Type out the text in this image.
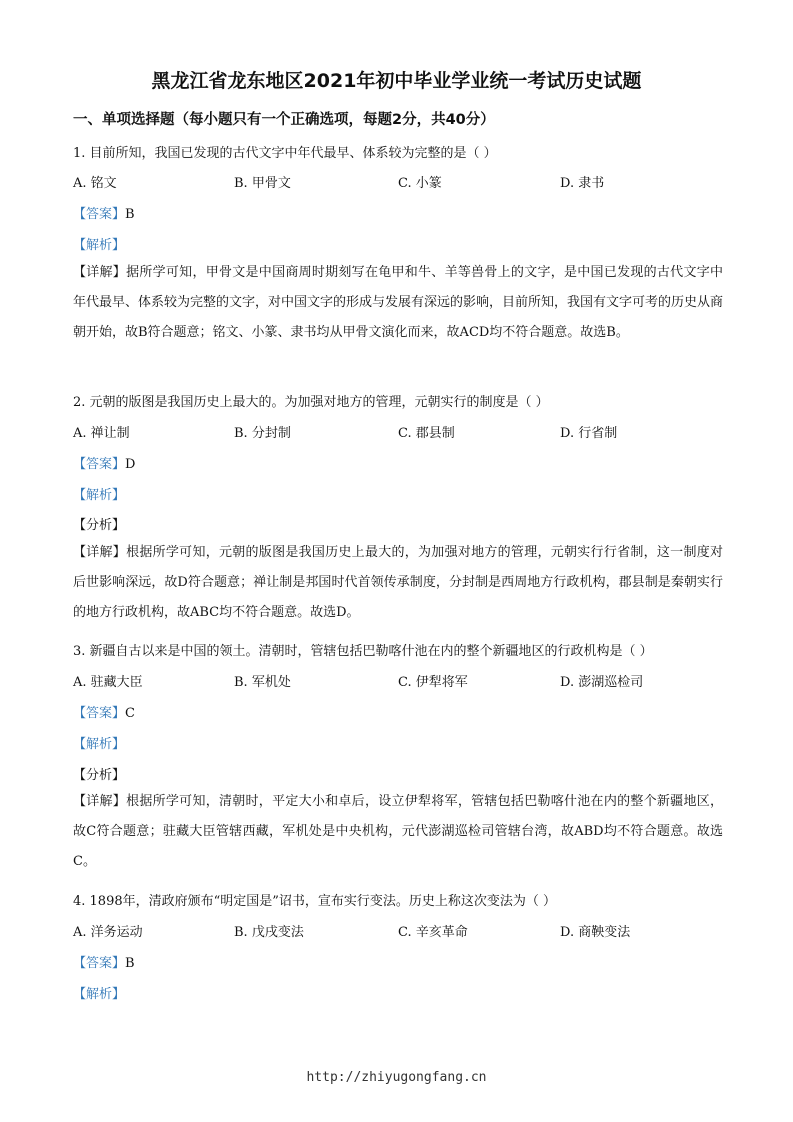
黑龙江省龙东地区2021年初中毕业学业统一考试历史试题
一、单项选择题（每小题只有一个正确选项，每题2分，共40分）
1. 目前所知，我国已发现的古代文字中年代最早、体系较为完整的是（ ）
A. 铭文	B. 甲骨文	C. 小篆	D. 隶书
【答案】B
【解析】
【详解】据所学可知，甲骨文是中国商周时期刻写在龟甲和牛、羊等兽骨上的文字，是中国已发现的古代文字中年代最早、体系较为完整的文字，对中国文字的形成与发展有深远的影响，目前所知，我国有文字可考的历史从商朝开始，故B符合题意；铭文、小篆、隶书均从甲骨文演化而来，故ACD均不符合题意。故选B。
2. 元朝的版图是我国历史上最大的。为加强对地方的管理，元朝实行的制度是（ ）
A. 禅让制	B. 分封制	C. 郡县制	D. 行省制
【答案】D
【解析】
【分析】
【详解】根据所学可知，元朝的版图是我国历史上最大的，为加强对地方的管理，元朝实行行省制，这一制度对后世影响深远，故D符合题意；禅让制是邦国时代首领传承制度，分封制是西周地方行政机构，郡县制是秦朝实行的地方行政机构，故ABC均不符合题意。故选D。
3. 新疆自古以来是中国的领土。清朝时，管辖包括巴勒喀什池在内的整个新疆地区的行政机构是（ ）
A. 驻藏大臣	B. 军机处	C. 伊犁将军	D. 澎湖巡检司
【答案】C
【解析】
【分析】
【详解】根据所学可知，清朝时，平定大小和卓后，设立伊犁将军，管辖包括巴勒喀什池在内的整个新疆地区，故C符合题意；驻藏大臣管辖西藏，军机处是中央机构，元代澎湖巡检司管辖台湾，故ABD均不符合题意。故选C。
4. 1898年，清政府颁布“明定国是”诏书，宣布实行变法。历史上称这次变法为（ ）
A. 洋务运动	B. 戊戌变法	C. 辛亥革命	D. 商鞅变法
【答案】B
【解析】
http://zhiyugongfang.cn
